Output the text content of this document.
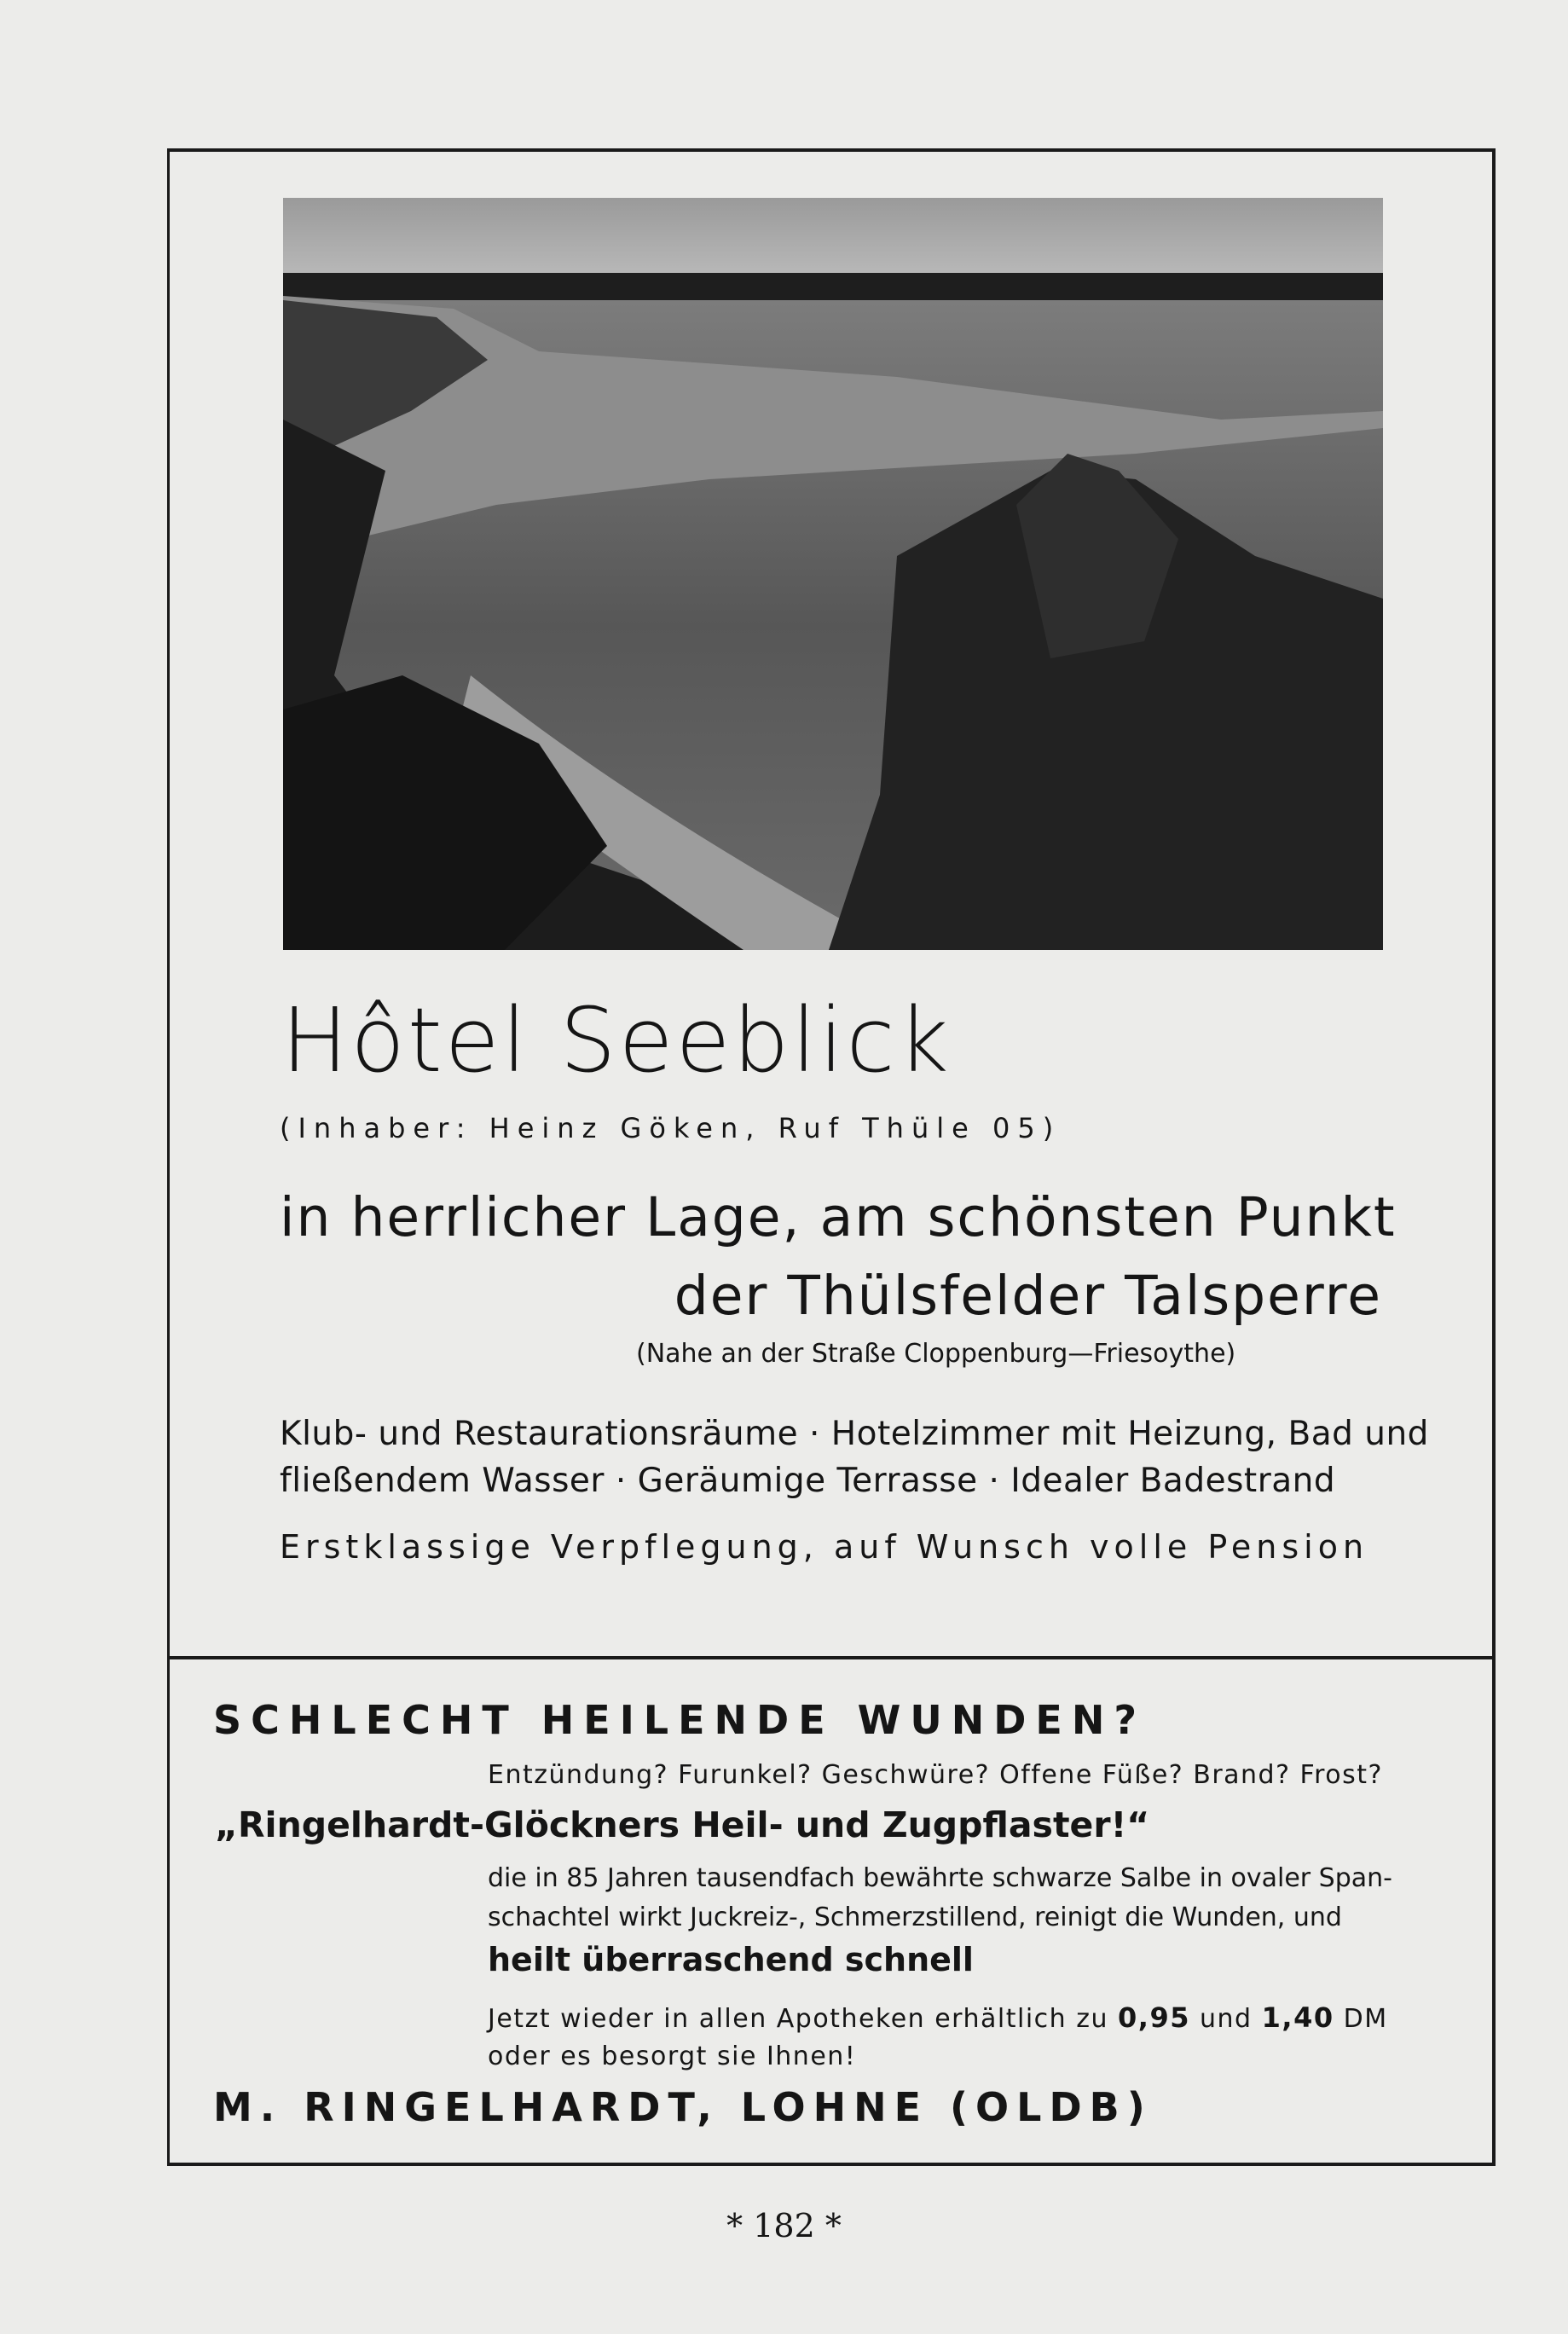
Hôtel Seeblick
(Inhaber: Heinz Göken, Ruf Thüle 05)
in herrlicher Lage, am schönsten Punkt
der Thülsfelder Talsperre
(Nahe an der Straße Cloppenburg—Friesoythe)
Klub- und Restaurationsräume · Hotelzimmer mit Heizung, Bad und
fließendem Wasser · Geräumige Terrasse · Idealer Badestrand
Erstklassige Verpflegung, auf Wunsch volle Pension
SCHLECHT HEILENDE WUNDEN?
Entzündung? Furunkel? Geschwüre? Offene Füße? Brand? Frost?
„Ringelhardt-Glöckners Heil- und Zugpflaster!“
die in 85 Jahren tausendfach bewährte schwarze Salbe in ovaler Span-
schachtel wirkt Juckreiz-, Schmerzstillend, reinigt die Wunden, und
heilt überraschend schnell
Jetzt wieder in allen Apotheken erhältlich zu 0,95 und 1,40 DM
oder es besorgt sie Ihnen!
M. RINGELHARDT, LOHNE (OLDB)
* 182 *
